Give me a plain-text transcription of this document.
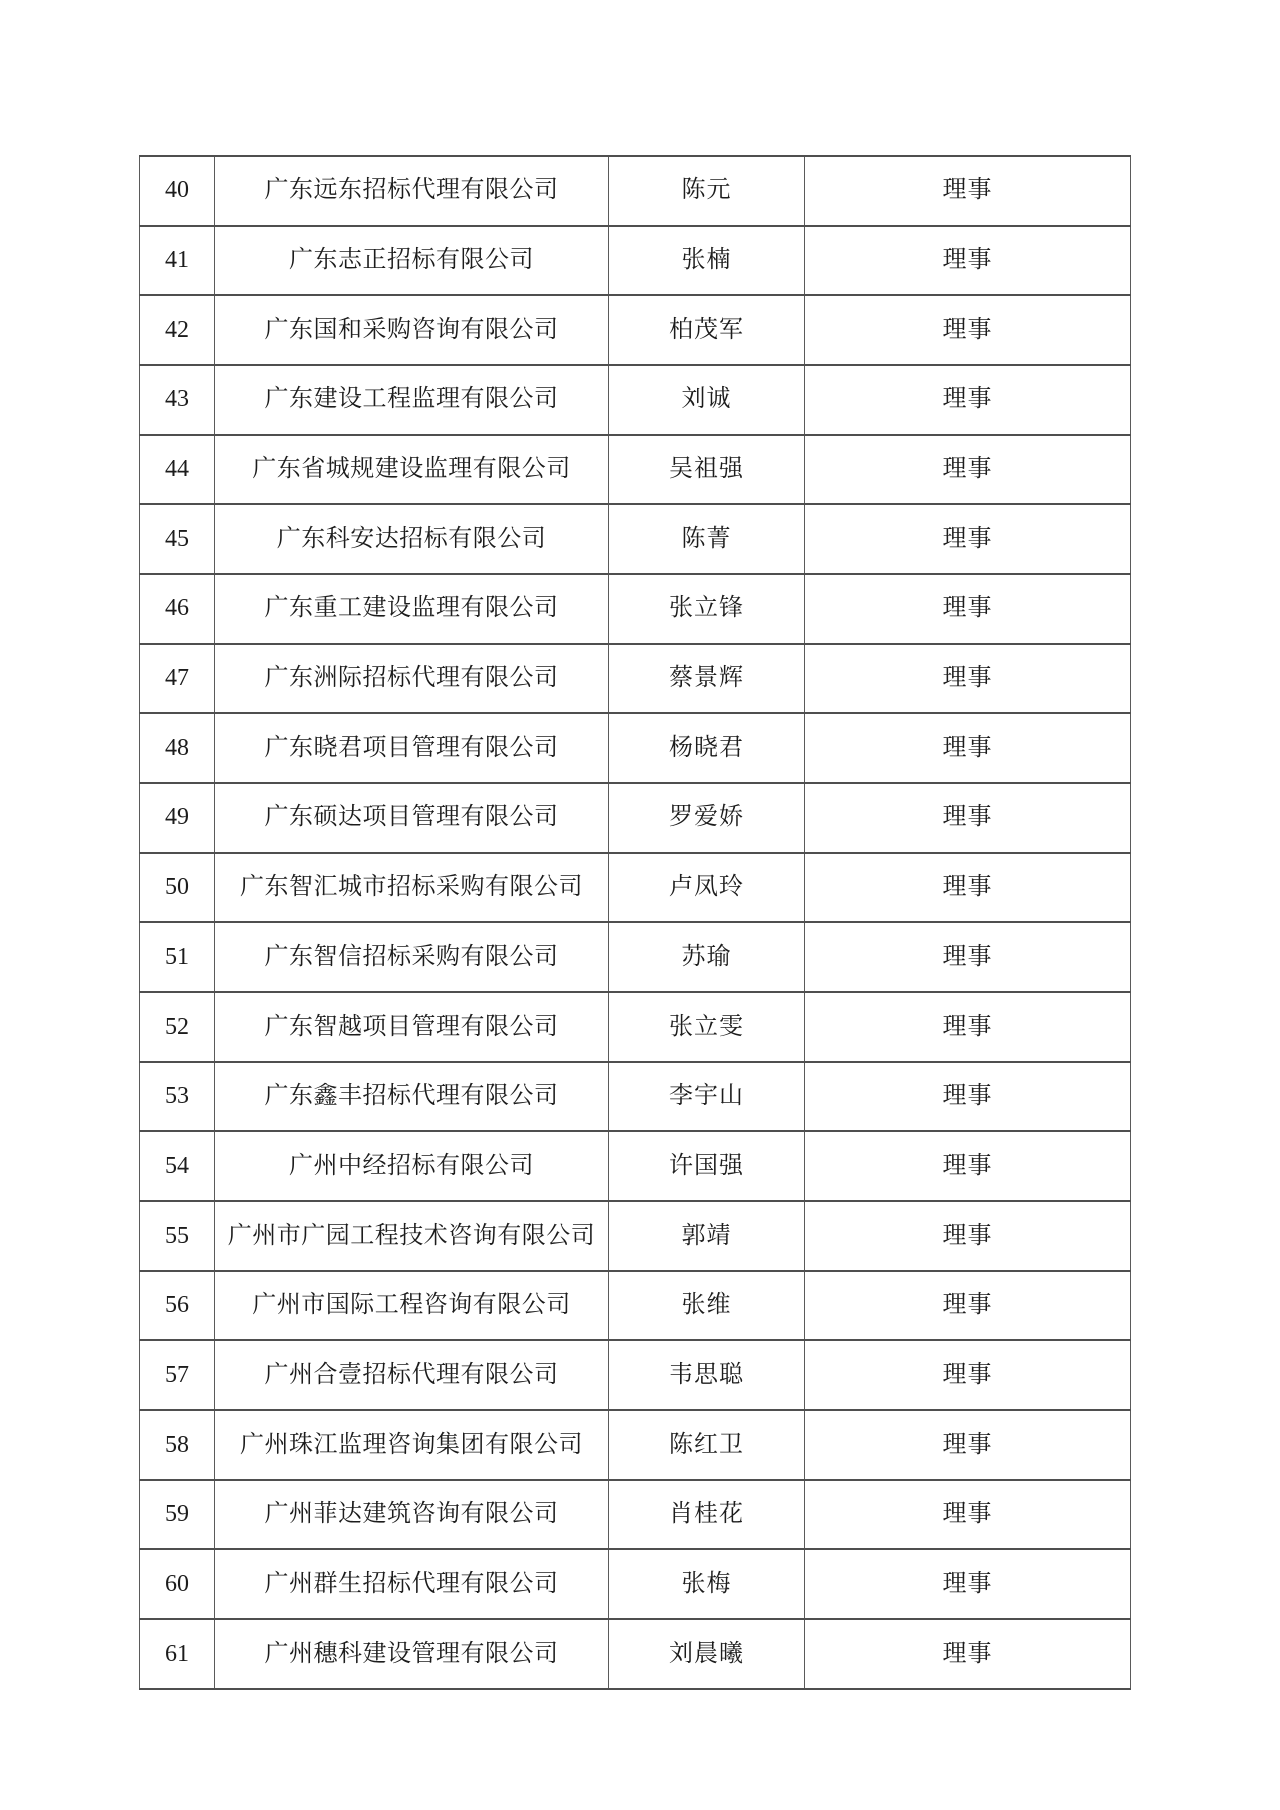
40	广东远东招标代理有限公司	陈元	理事
41	广东志正招标有限公司	张楠	理事
42	广东国和采购咨询有限公司	柏茂军	理事
43	广东建设工程监理有限公司	刘诚	理事
44	广东省城规建设监理有限公司	吴祖强	理事
45	广东科安达招标有限公司	陈菁	理事
46	广东重工建设监理有限公司	张立锋	理事
47	广东洲际招标代理有限公司	蔡景辉	理事
48	广东晓君项目管理有限公司	杨晓君	理事
49	广东硕达项目管理有限公司	罗爱娇	理事
50	广东智汇城市招标采购有限公司	卢凤玲	理事
51	广东智信招标采购有限公司	苏瑜	理事
52	广东智越项目管理有限公司	张立雯	理事
53	广东鑫丰招标代理有限公司	李宇山	理事
54	广州中经招标有限公司	许国强	理事
55	广州市广园工程技术咨询有限公司	郭靖	理事
56	广州市国际工程咨询有限公司	张维	理事
57	广州合壹招标代理有限公司	韦思聪	理事
58	广州珠江监理咨询集团有限公司	陈红卫	理事
59	广州菲达建筑咨询有限公司	肖桂花	理事
60	广州群生招标代理有限公司	张梅	理事
61	广州穗科建设管理有限公司	刘晨曦	理事
